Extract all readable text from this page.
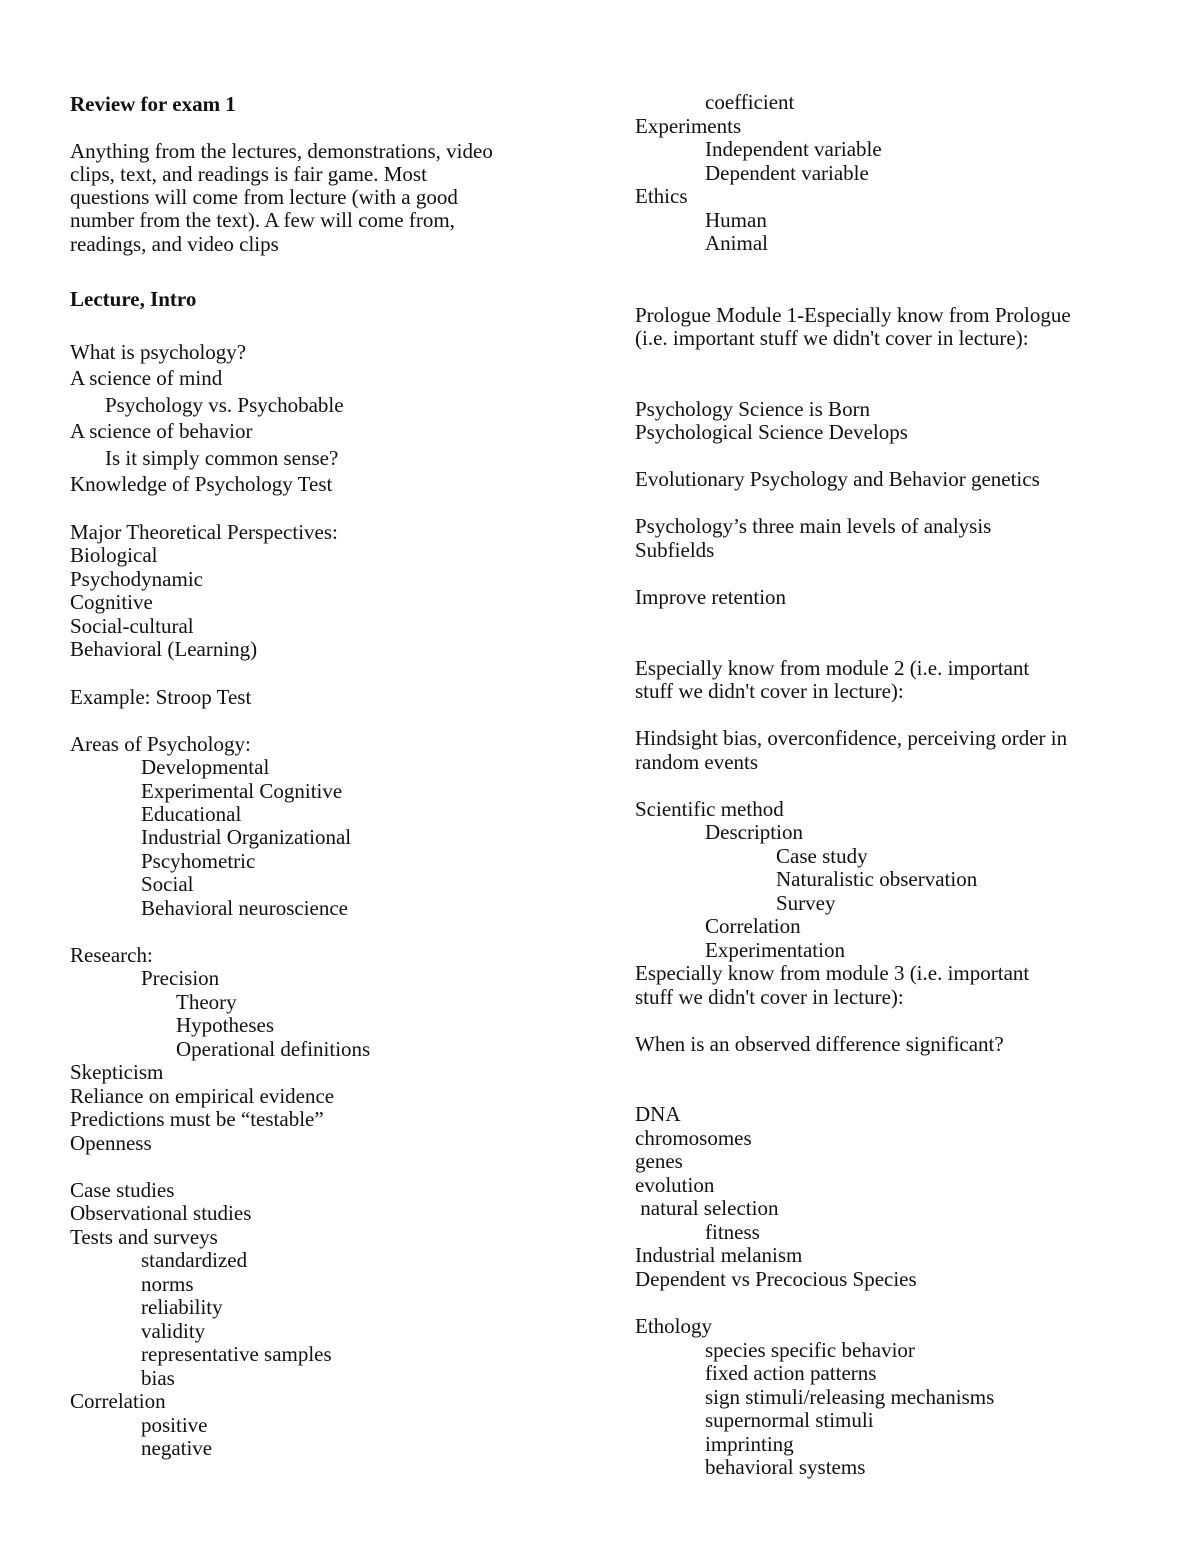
Review for exam 1
Anything from the lectures, demonstrations, video
clips, text, and readings is fair game. Most
questions will come from lecture (with a good
number from the text). A few will come from,
readings, and video clips
Lecture, Intro
What is psychology?
A science of mind
Psychology vs. Psychobable
A science of behavior
Is it simply common sense?
Knowledge of Psychology Test
Major Theoretical Perspectives:
Biological
Psychodynamic
Cognitive
Social-cultural
Behavioral (Learning)
Example: Stroop Test
Areas of Psychology:
Developmental
Experimental Cognitive
Educational
Industrial Organizational
Pscyhometric
Social
Behavioral neuroscience
Research:
Precision
Theory
Hypotheses
Operational definitions
Skepticism
Reliance on empirical evidence
Predictions must be “testable”
Openness
Case studies
Observational studies
Tests and surveys
standardized
norms
reliability
validity
representative samples
bias
Correlation
positive
negative
coefficient
Experiments
Independent variable
Dependent variable
Ethics
Human
Animal
Prologue Module 1-Especially know from Prologue
(i.e. important stuff we didn't cover in lecture):
Psychology Science is Born
Psychological Science Develops
Evolutionary Psychology and Behavior genetics
Psychology’s three main levels of analysis
Subfields
Improve retention
Especially know from module 2 (i.e. important
stuff we didn't cover in lecture):
Hindsight bias, overconfidence, perceiving order in
random events
Scientific method
Description
Case study
Naturalistic observation
Survey
Correlation
Experimentation
Especially know from module 3 (i.e. important
stuff we didn't cover in lecture):
When is an observed difference significant?
DNA
chromosomes
genes
evolution
natural selection
fitness
Industrial melanism
Dependent vs Precocious Species
Ethology
species specific behavior
fixed action patterns
sign stimuli/releasing mechanisms
supernormal stimuli
imprinting
behavioral systems
